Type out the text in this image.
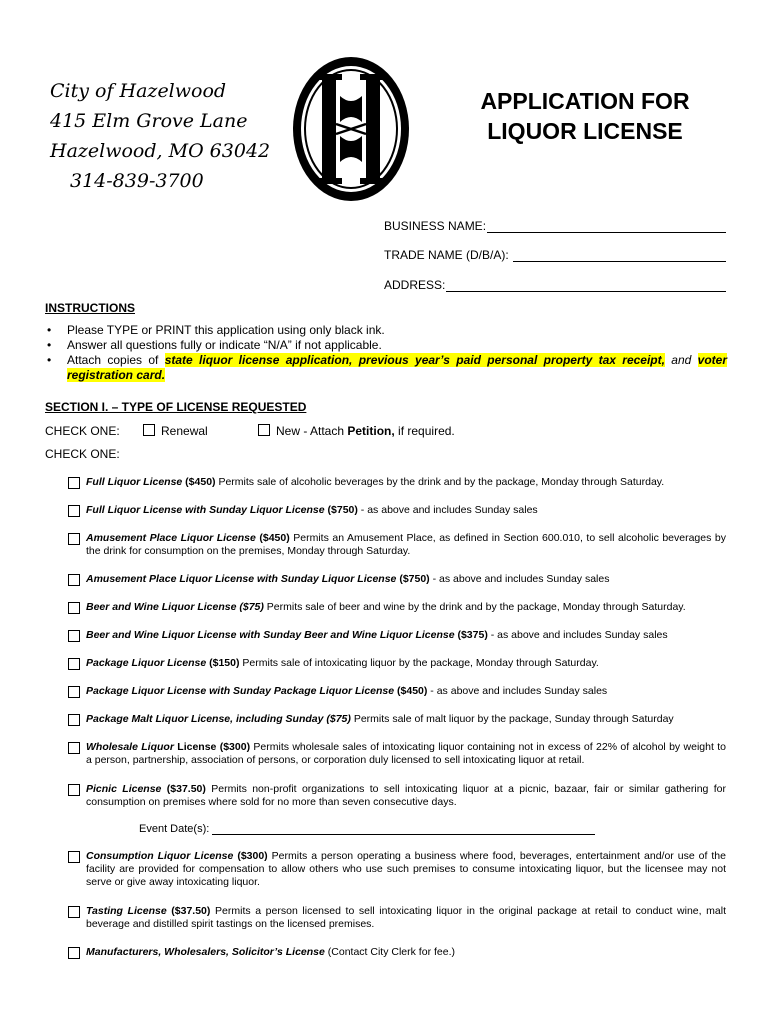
City of Hazelwood
415 Elm Grove Lane
Hazelwood, MO 63042
314-839-3700
APPLICATION FOR
LIQUOR LICENSE
BUSINESS NAME:
TRADE NAME (D/B/A):
ADDRESS:
INSTRUCTIONS
• Please TYPE or PRINT this application using only black ink.
• Answer all questions fully or indicate “N/A” if not applicable.
• Attach copies of state liquor license application, previous year’s paid personal property tax receipt, and voter registration card.
SECTION I. – TYPE OF LICENSE REQUESTED
CHECK ONE:	Renewal	New - Attach Petition, if required.
CHECK ONE:
Full Liquor License ($450) Permits sale of alcoholic beverages by the drink and by the package, Monday through Saturday.
Full Liquor License with Sunday Liquor License ($750) - as above and includes Sunday sales
Amusement Place Liquor License ($450) Permits an Amusement Place, as defined in Section 600.010, to sell alcoholic beverages by the drink for consumption on the premises, Monday through Saturday.
Amusement Place Liquor License with Sunday Liquor License ($750) - as above and includes Sunday sales
Beer and Wine Liquor License ($75) Permits sale of beer and wine by the drink and by the package, Monday through Saturday.
Beer and Wine Liquor License with Sunday Beer and Wine Liquor License ($375) - as above and includes Sunday sales
Package Liquor License ($150) Permits sale of intoxicating liquor by the package, Monday through Saturday.
Package Liquor License with Sunday Package Liquor License ($450) - as above and includes Sunday sales
Package Malt Liquor License, including Sunday ($75) Permits sale of malt liquor by the package, Sunday through Saturday
Wholesale Liquor License ($300) Permits wholesale sales of intoxicating liquor containing not in excess of 22% of alcohol by weight to a person, partnership, association of persons, or corporation duly licensed to sell intoxicating liquor at retail.
Picnic License ($37.50) Permits non-profit organizations to sell intoxicating liquor at a picnic, bazaar, fair or similar gathering for consumption on premises where sold for no more than seven consecutive days.
Event Date(s):
Consumption Liquor License ($300) Permits a person operating a business where food, beverages, entertainment and/or use of the facility are provided for compensation to allow others who use such premises to consume intoxicating liquor, but the licensee may not serve or give away intoxicating liquor.
Tasting License ($37.50) Permits a person licensed to sell intoxicating liquor in the original package at retail to conduct wine, malt beverage and distilled spirit tastings on the licensed premises.
Manufacturers, Wholesalers, Solicitor’s License (Contact City Clerk for fee.)
